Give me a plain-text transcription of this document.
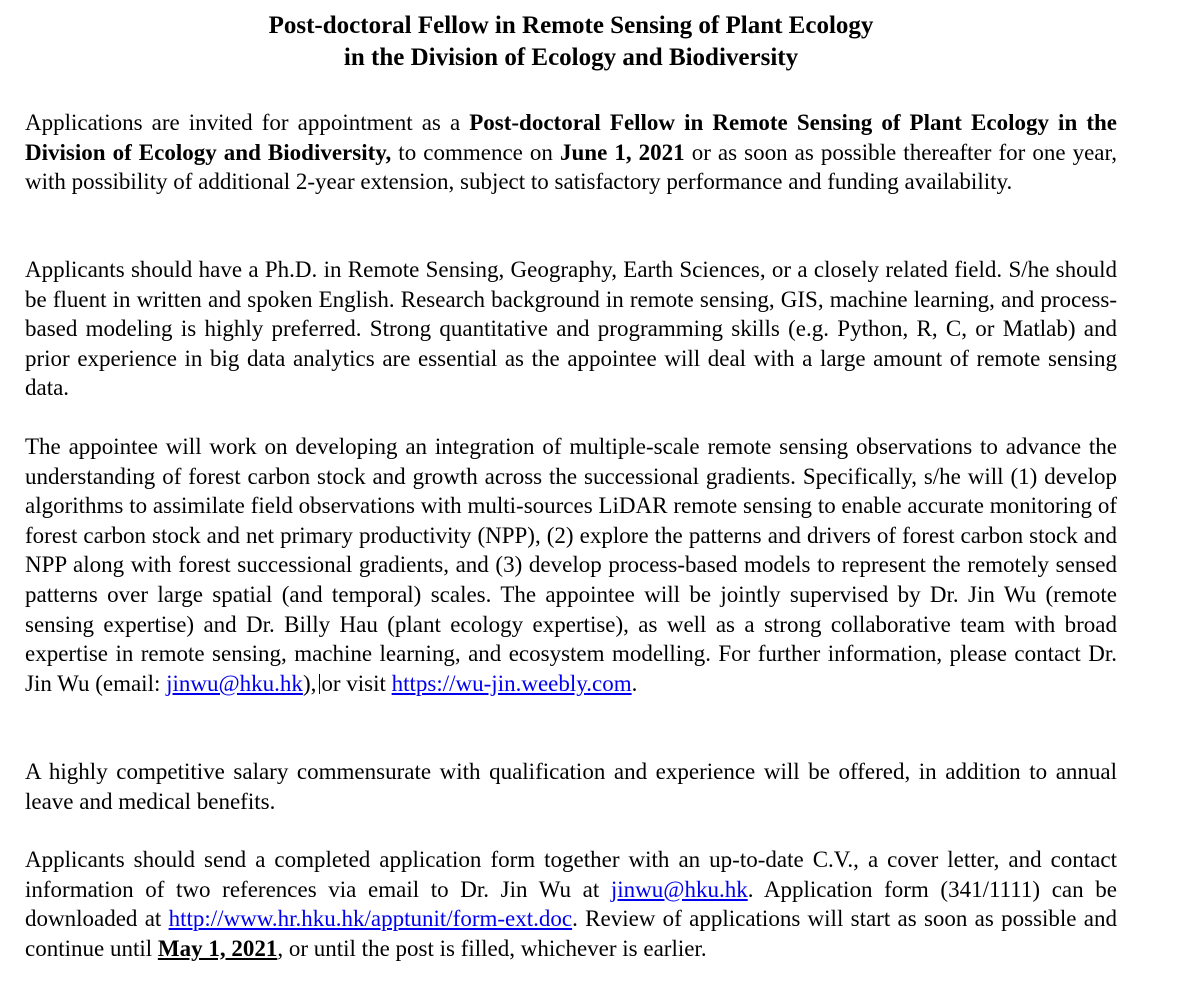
Post-doctoral Fellow in Remote Sensing of Plant Ecology
in the Division of Ecology and Biodiversity
Applications are invited for appointment as a Post-doctoral Fellow in Remote Sensing of Plant Ecology in the Division of Ecology and Biodiversity, to commence on June 1, 2021 or as soon as possible thereafter for one year, with possibility of additional 2-year extension, subject to satisfactory performance and funding availability.
Applicants should have a Ph.D. in Remote Sensing, Geography, Earth Sciences, or a closely related field. S/he should be fluent in written and spoken English. Research background in remote sensing, GIS, machine learning, and process-based modeling is highly preferred. Strong quantitative and programming skills (e.g. Python, R, C, or Matlab) and prior experience in big data analytics are essential as the appointee will deal with a large amount of remote sensing data.
The appointee will work on developing an integration of multiple-scale remote sensing observations to advance the understanding of forest carbon stock and growth across the successional gradients. Specifically, s/he will (1) develop algorithms to assimilate field observations with multi-sources LiDAR remote sensing to enable accurate monitoring of forest carbon stock and net primary productivity (NPP), (2) explore the patterns and drivers of forest carbon stock and NPP along with forest successional gradients, and (3) develop process-based models to represent the remotely sensed patterns over large spatial (and temporal) scales. The appointee will be jointly supervised by Dr. Jin Wu (remote sensing expertise) and Dr. Billy Hau (plant ecology expertise), as well as a strong collaborative team with broad expertise in remote sensing, machine learning, and ecosystem modelling. For further information, please contact Dr. Jin Wu (email: jinwu@hku.hk), or visit https://wu-jin.weebly.com.
A highly competitive salary commensurate with qualification and experience will be offered, in addition to annual leave and medical benefits.
Applicants should send a completed application form together with an up-to-date C.V., a cover letter, and contact information of two references via email to Dr. Jin Wu at jinwu@hku.hk. Application form (341/1111) can be downloaded at http://www.hr.hku.hk/apptunit/form-ext.doc. Review of applications will start as soon as possible and continue until May 1, 2021, or until the post is filled, whichever is earlier.
